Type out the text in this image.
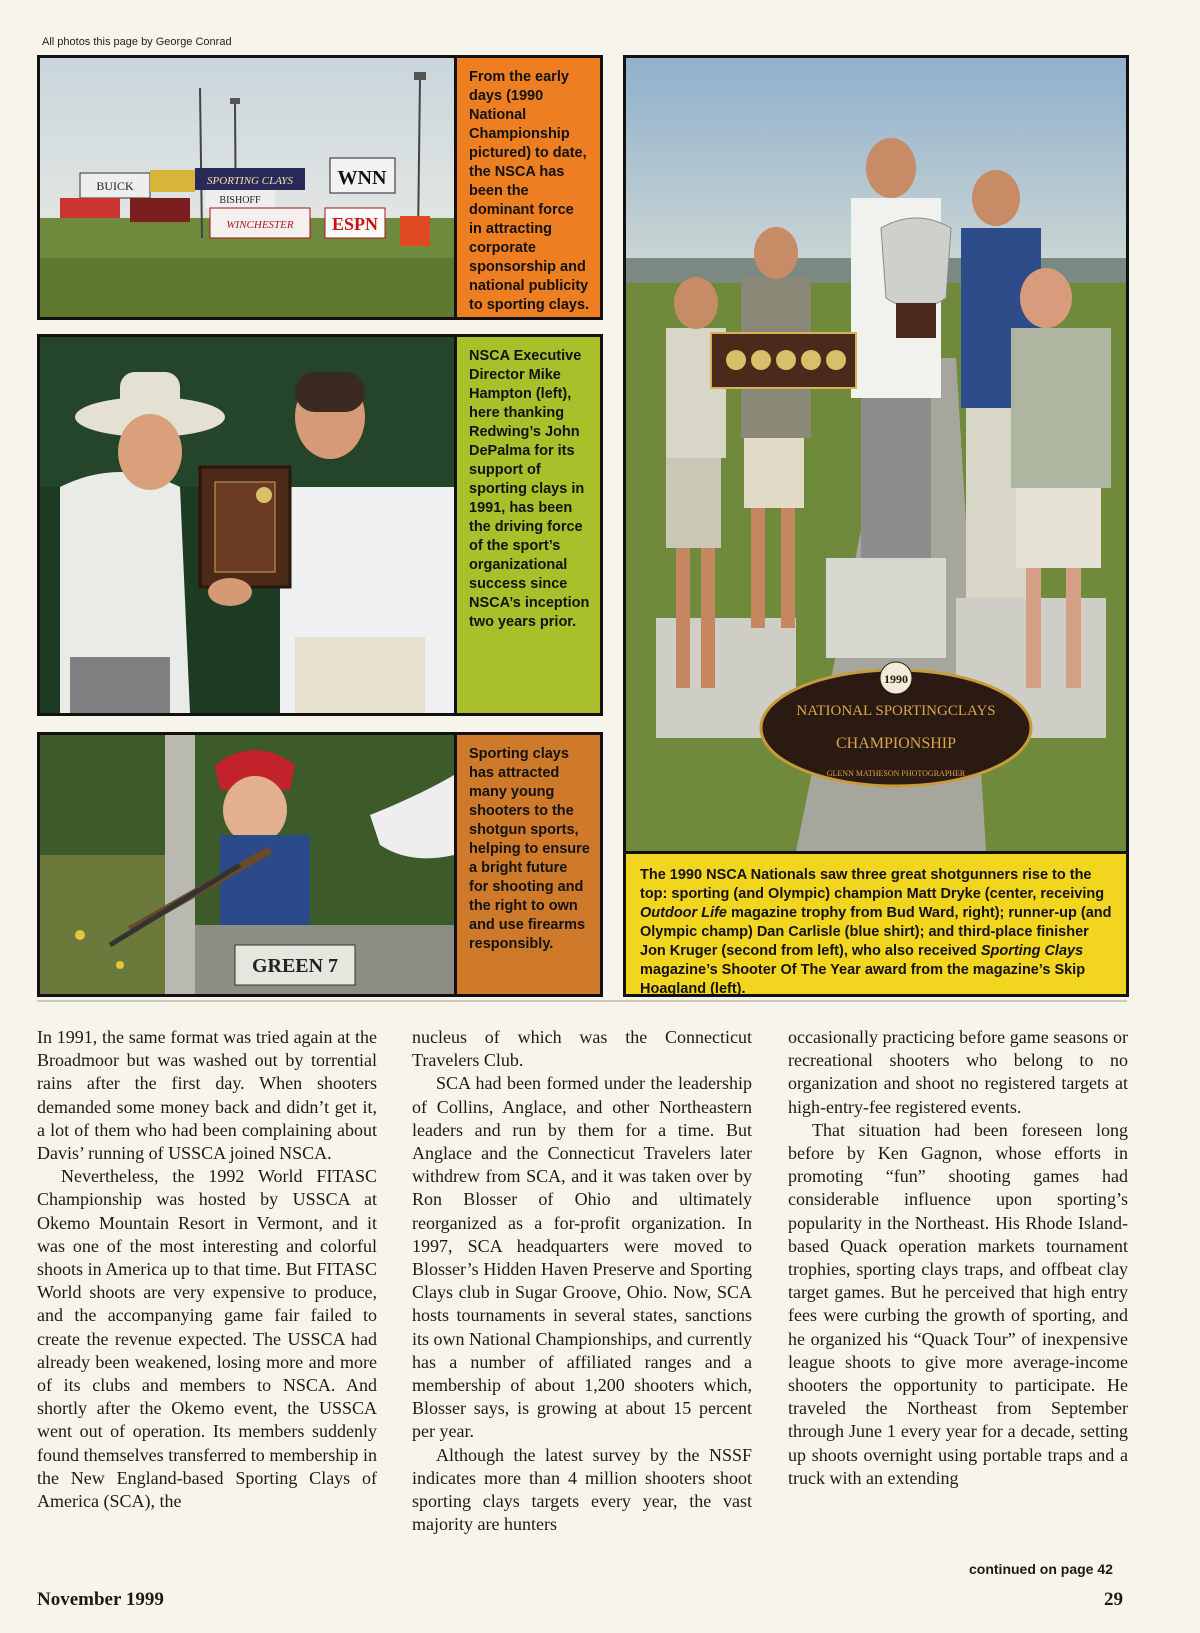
All photos this page by George Conrad
BUICK	SPORTING CLAYS WNN
BISHOFF
WINCHESTER ESPN
From the early days (1990 National Championship pictured) to date, the NSCA has been the dominant force in attracting corporate sponsorship and national publicity to sporting clays.
NSCA Executive Director Mike Hampton (left), here thanking Redwing’s John DePalma for its support of sporting clays in 1991, has been the driving force of the sport’s organizational success since NSCA’s inception two years prior.
GREEN 7
Sporting clays has attracted many young shooters to the shotgun sports, helping to ensure a bright future for shooting and the right to own and use firearms responsibly.
1990
NATIONAL SPORTINGCLAYS
CHAMPIONSHIP
GLENN MATHESON PHOTOGRAPHER
The 1990 NSCA Nationals saw three great shotgunners rise to the top: sporting (and Olympic) champion Matt Dryke (center, receiving Outdoor Life magazine trophy from Bud Ward, right); runner-up (and Olympic champ) Dan Carlisle (blue shirt); and third-place finisher Jon Kruger (second from left), who also received Sporting Clays magazine’s Shooter Of The Year award from the magazine’s Skip Hoagland (left).

In 1991, the same format was tried again at the Broadmoor but was washed out by torrential rains after the first day. When shooters demanded some money back and didn’t get it, a lot of them who had been complaining about Davis’ running of USSCA joined NSCA.

Nevertheless, the 1992 World FITASC Championship was hosted by USSCA at Okemo Mountain Resort in Vermont, and it was one of the most interesting and colorful shoots in America up to that time. But FITASC World shoots are very expensive to produce, and the accompanying game fair failed to create the revenue expected. The USSCA had already been weakened, losing more and more of its clubs and members to NSCA. And shortly after the Okemo event, the USSCA went out of operation. Its members suddenly found themselves transferred to membership in the New England-based Sporting Clays of America (SCA), the

nucleus of which was the Connecticut Travelers Club.

SCA had been formed under the leadership of Collins, Anglace, and other Northeastern leaders and run by them for a time. But Anglace and the Connecticut Travelers later withdrew from SCA, and it was taken over by Ron Blosser of Ohio and ultimately reorganized as a for-profit organization. In 1997, SCA headquarters were moved to Blosser’s Hidden Haven Preserve and Sporting Clays club in Sugar Groove, Ohio. Now, SCA hosts tournaments in several states, sanctions its own National Championships, and currently has a number of affiliated ranges and a membership of about 1,200 shooters which, Blosser says, is growing at about 15 percent per year.

Although the latest survey by the NSSF indicates more than 4 million shooters shoot sporting clays targets every year, the vast majority are hunters

occasionally practicing before game seasons or recreational shooters who belong to no organization and shoot no registered targets at high-entry-fee registered events.

That situation had been foreseen long before by Ken Gagnon, whose efforts in promoting “fun” shooting games had considerable influence upon sporting’s popularity in the Northeast. His Rhode Island-based Quack operation markets tournament trophies, sporting clays traps, and offbeat clay target games. But he perceived that high entry fees were curbing the growth of sporting, and he organized his “Quack Tour” of inexpensive league shoots to give more average-income shooters the opportunity to participate. He traveled the Northeast from September through June 1 every year for a decade, setting up shoots overnight using portable traps and a truck with an extending

continued on page 42
November 1999	29
